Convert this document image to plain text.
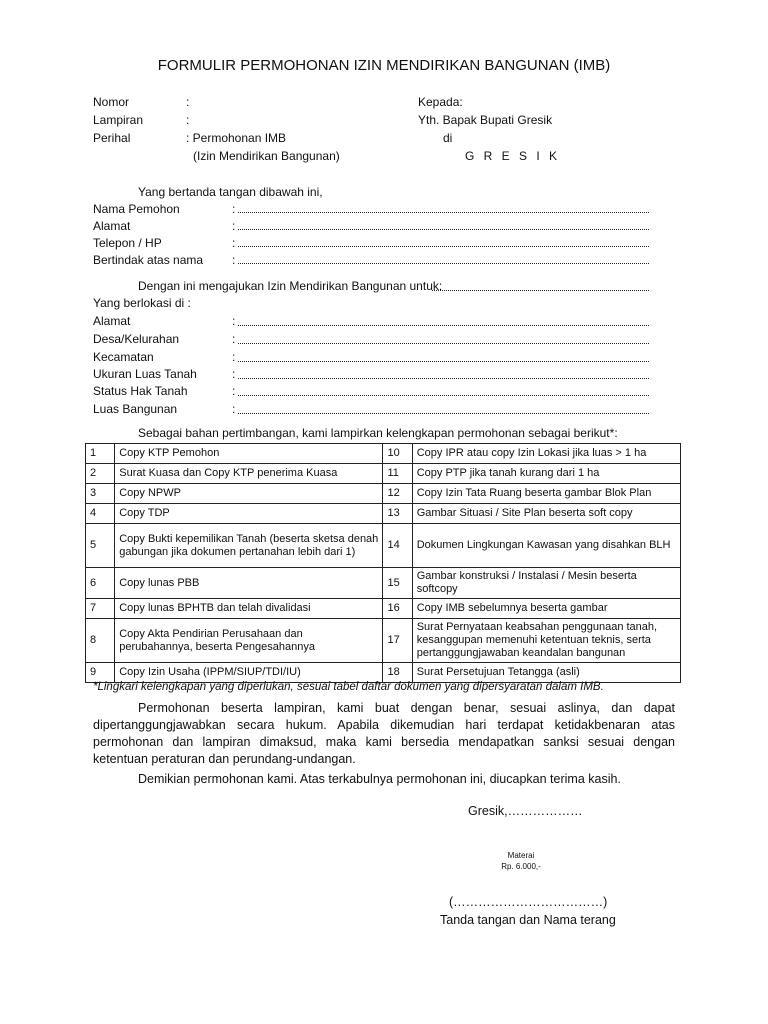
FORMULIR PERMOHONAN IZIN MENDIRIKAN BANGUNAN (IMB)
Nomor	:
Lampiran	:
Perihal	: Permohonan IMB
(Izin Mendirikan Bangunan)
Kepada:
Yth. Bapak Bupati Gresik
di
G R E S I K
Yang bertanda tangan dibawah ini,
Nama Pemohon	:
Alamat	:
Telepon / HP	:
Bertindak atas nama :
Dengan ini mengajukan Izin Mendirikan Bangunan untuk:
Yang berlokasi di :
Alamat	:
Desa/Kelurahan	:
Kecamatan	:
Ukuran Luas Tanah	:
Status Hak Tanah	:
Luas Bangunan	:
Sebagai bahan pertimbangan, kami lampirkan kelengkapan permohonan sebagai berikut*:
1	Copy KTP Pemohon	10	Copy IPR atau copy Izin Lokasi jika luas > 1 ha
2	Surat Kuasa dan Copy KTP penerima Kuasa	11	Copy PTP jika tanah kurang dari 1 ha
3	Copy NPWP	12	Copy Izin Tata Ruang beserta gambar Blok Plan
4	Copy TDP	13	Gambar Situasi / Site Plan beserta soft copy
5	Copy Bukti kepemilikan Tanah (beserta sketsa denah gabungan jika dokumen pertanahan lebih dari 1)	14	Dokumen Lingkungan Kawasan yang disahkan BLH
6	Copy lunas PBB	15	Gambar konstruksi / Instalasi / Mesin beserta softcopy
7	Copy lunas BPHTB dan telah divalidasi	16	Copy IMB sebelumnya beserta gambar
8	Copy Akta Pendirian Perusahaan dan perubahannya, beserta Pengesahannya	17	Surat Pernyataan keabsahan penggunaan tanah, kesanggupan memenuhi ketentuan teknis, serta pertanggungjawaban keandalan bangunan
9	Copy Izin Usaha (IPPM/SIUP/TDI/IU)	18	Surat Persetujuan Tetangga (asli)
*Lingkari kelengkapan yang diperlukan, sesuai tabel daftar dokumen yang dipersyaratan dalam IMB.

Permohonan beserta lampiran, kami buat dengan benar, sesuai aslinya, dan dapat dipertanggungjawabkan secara hukum. Apabila dikemudian hari terdapat ketidakbenaran atas permohonan dan lampiran dimaksud, maka kami bersedia mendapatkan sanksi sesuai dengan ketentuan peraturan dan perundang-undangan.

Demikian permohonan kami. Atas terkabulnya permohonan ini, diucapkan terima kasih.
Gresik,………………
Materai
Rp. 6.000,-
(………………………………)
Tanda tangan dan Nama terang
